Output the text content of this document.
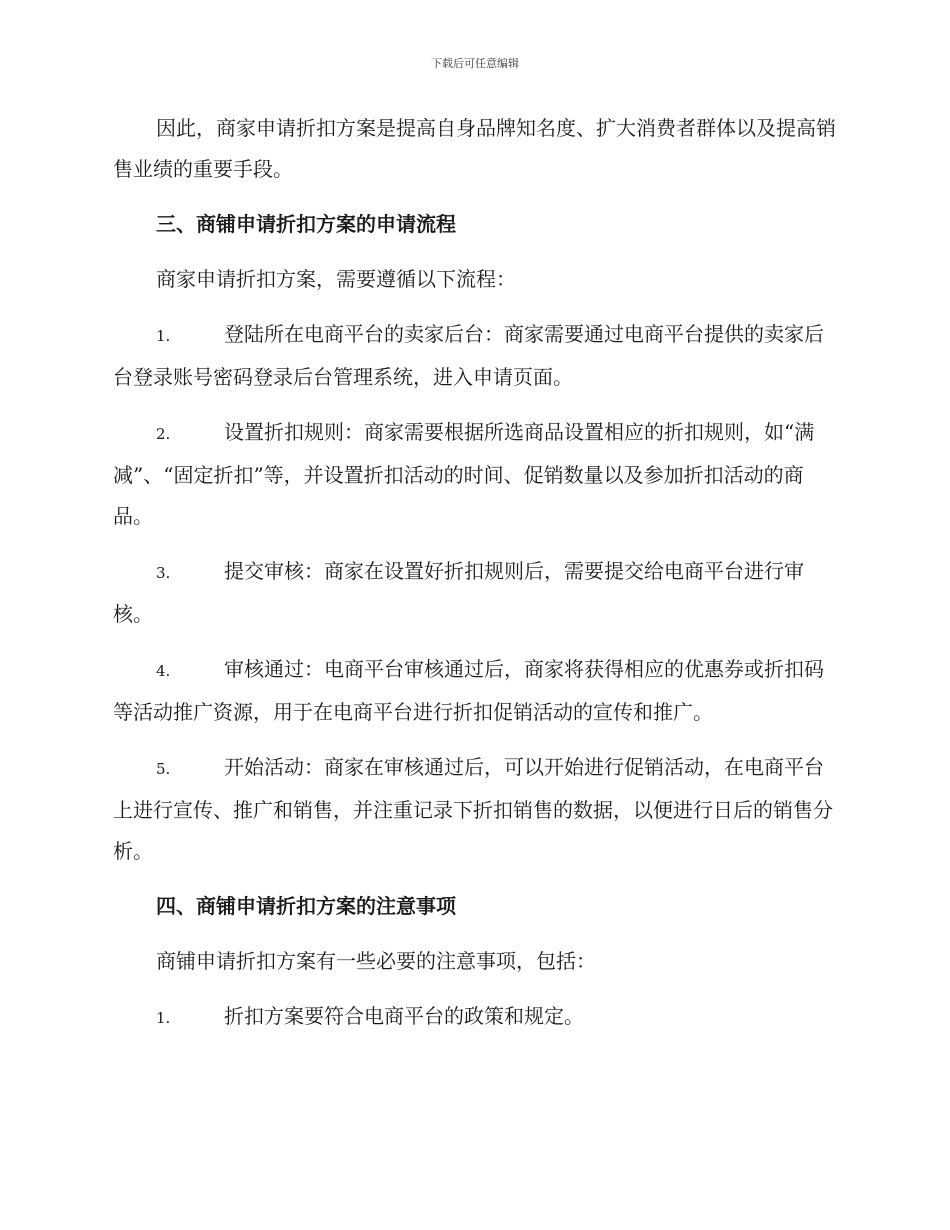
下载后可任意编辑

因此，商家申请折扣方案是提高自身品牌知名度、扩大消费者群体以及提高销售业绩的重要手段。

三、商铺申请折扣方案的申请流程

商家申请折扣方案，需要遵循以下流程：

1.	登陆所在电商平台的卖家后台：商家需要通过电商平台提供的卖家后台登录账号密码登录后台管理系统，进入申请页面。

2.	设置折扣规则：商家需要根据所选商品设置相应的折扣规则，如“满减”、“固定折扣”等，并设置折扣活动的时间、促销数量以及参加折扣活动的商品。

3.	提交审核：商家在设置好折扣规则后，需要提交给电商平台进行审核。

4.	审核通过：电商平台审核通过后，商家将获得相应的优惠券或折扣码等活动推广资源，用于在电商平台进行折扣促销活动的宣传和推广。

5.	开始活动：商家在审核通过后，可以开始进行促销活动，在电商平台上进行宣传、推广和销售，并注重记录下折扣销售的数据，以便进行日后的销售分析。

四、商铺申请折扣方案的注意事项

商铺申请折扣方案有一些必要的注意事项，包括：

1.	折扣方案要符合电商平台的政策和规定。
